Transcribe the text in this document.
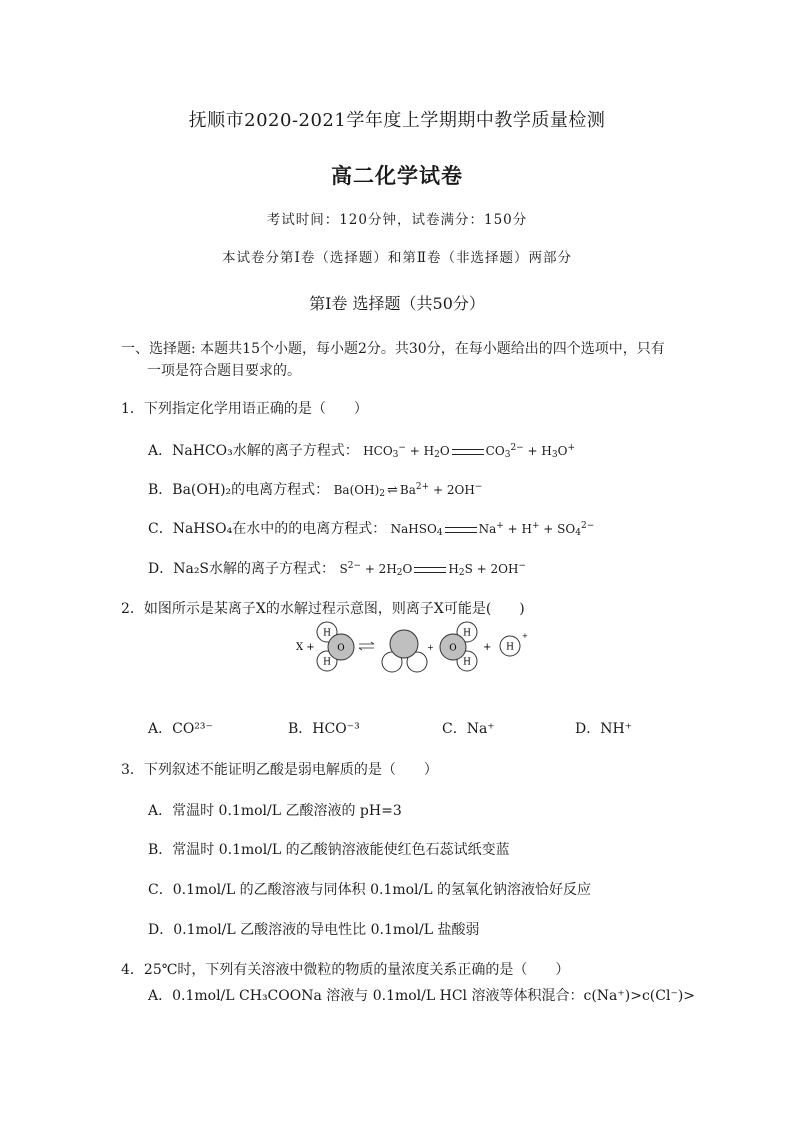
抚顺市2020-2021学年度上学期期中教学质量检测
高二化学试卷
考试时间：120分钟，试卷满分：150分
本试卷分第Ⅰ卷（选择题）和第Ⅱ卷（非选择题）两部分
第Ⅰ卷 选择题（共50分）
一、选择题: 本题共15个小题，每小题2分。共30分，在每小题给出的四个选项中，只有
一项是符合题目要求的。
1．下列指定化学用语正确的是（　　）
A．NaHCO₃水解的离子方程式： $HCO_3^- + H_2O$	$CO_3^{2-} + H_3O^+$
B．Ba(OH)₂的电离方程式： $Ba(OH)_2$ ⇌ $Ba^{2+} + 2OH^-$
C．NaHSO₄在水中的的电离方程式： NaHSO$_4$	$Na^+ + H^+ + SO_4^{2-}$
D．Na₂S水解的离子方程式： $S^{2-} + 2H_2O$	$H_2S + 2OH^-$
2．如图所示是某离子X的水解过程示意图，则离子X可能是(　　)
X +
H
H
O	+
H
H
O	+ H
+
A．CO²³⁻	B．HCO⁻³	C．Na⁺	D．NH⁺
3．下列叙述不能证明乙酸是弱电解质的是（　　）
A．常温时 0.1mol/L 乙酸溶液的 pH=3
B．常温时 0.1mol/L 的乙酸钠溶液能使红色石蕊试纸变蓝
C．0.1mol/L 的乙酸溶液与同体积 0.1mol/L 的氢氧化钠溶液恰好反应
D．0.1mol/L 乙酸溶液的导电性比 0.1mol/L 盐酸弱
4．25℃时，下列有关溶液中微粒的物质的量浓度关系正确的是（　　）
A．0.1mol/L CH₃COONa 溶液与 0.1mol/L HCl 溶液等体积混合：c(Na⁺)>c(Cl⁻)>
